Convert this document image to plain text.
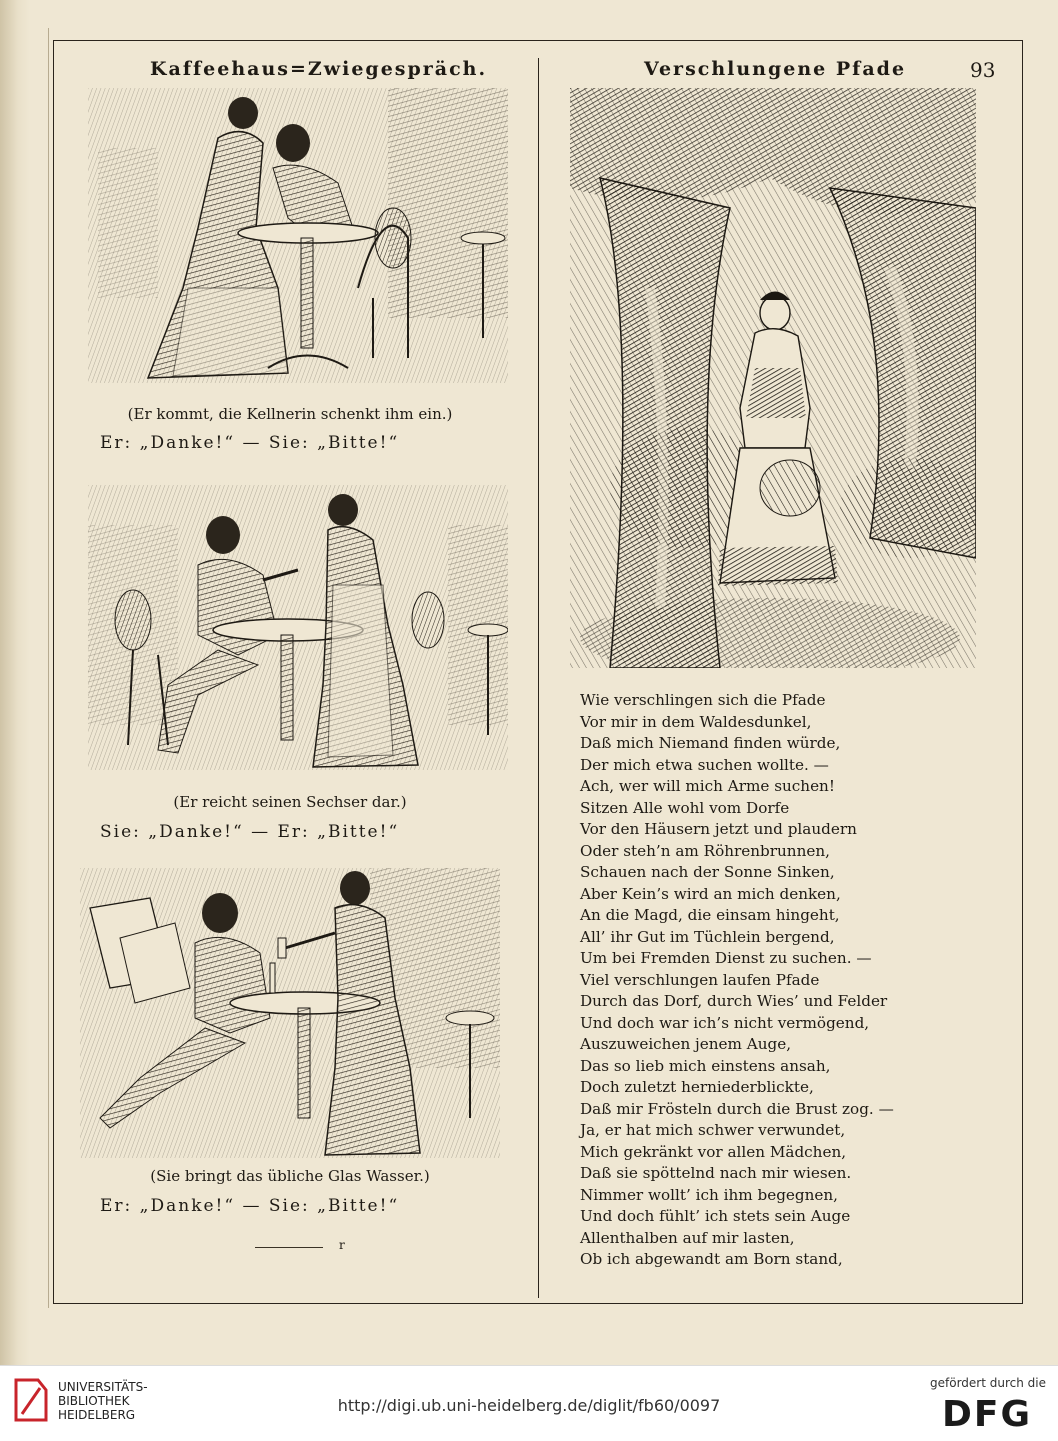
Kaffeehaus=Zwiegespräch.	Verschlungene Pfade	93
(Er kommt, die Kellnerin schenkt ihm ein.)
Er: „Danke!“ — Sie: „Bitte!“
(Er reicht seinen Sechser dar.)
Sie: „Danke!“ — Er: „Bitte!“
(Sie bringt das übliche Glas Wasser.)
Er: „Danke!“ — Sie: „Bitte!“
r
Wie verschlingen sich die Pfade
Vor mir in dem Waldesdunkel,
Daß mich Niemand finden würde,
Der mich etwa suchen wollte. —
Ach, wer will mich Arme suchen!
Sitzen Alle wohl vom Dorfe
Vor den Häusern jetzt und plaudern
Oder steh’n am Röhrenbrunnen,
Schauen nach der Sonne Sinken,
Aber Kein’s wird an mich denken,
An die Magd, die einsam hingeht,
All’ ihr Gut im Tüchlein bergend,
Um bei Fremden Dienst zu suchen. —
Viel verschlungen laufen Pfade
Durch das Dorf, durch Wies’ und Felder
Und doch war ich’s nicht vermögend,
Auszuweichen jenem Auge,
Das so lieb mich einstens ansah,
Doch zuletzt herniederblickte,
Daß mir Frösteln durch die Brust zog. —
Ja, er hat mich schwer verwundet,
Mich gekränkt vor allen Mädchen,
Daß sie spöttelnd nach mir wiesen.
Nimmer wollt’ ich ihm begegnen,
Und doch fühlt’ ich stets sein Auge
Allenthalben auf mir lasten,
Ob ich abgewandt am Born stand,
UNIVERSITÄTS-
BIBLIOTHEK
HEIDELBERG	http://digi.ub.uni-heidelberg.de/diglit/fb60/0097
gefördert durch die
DFG
